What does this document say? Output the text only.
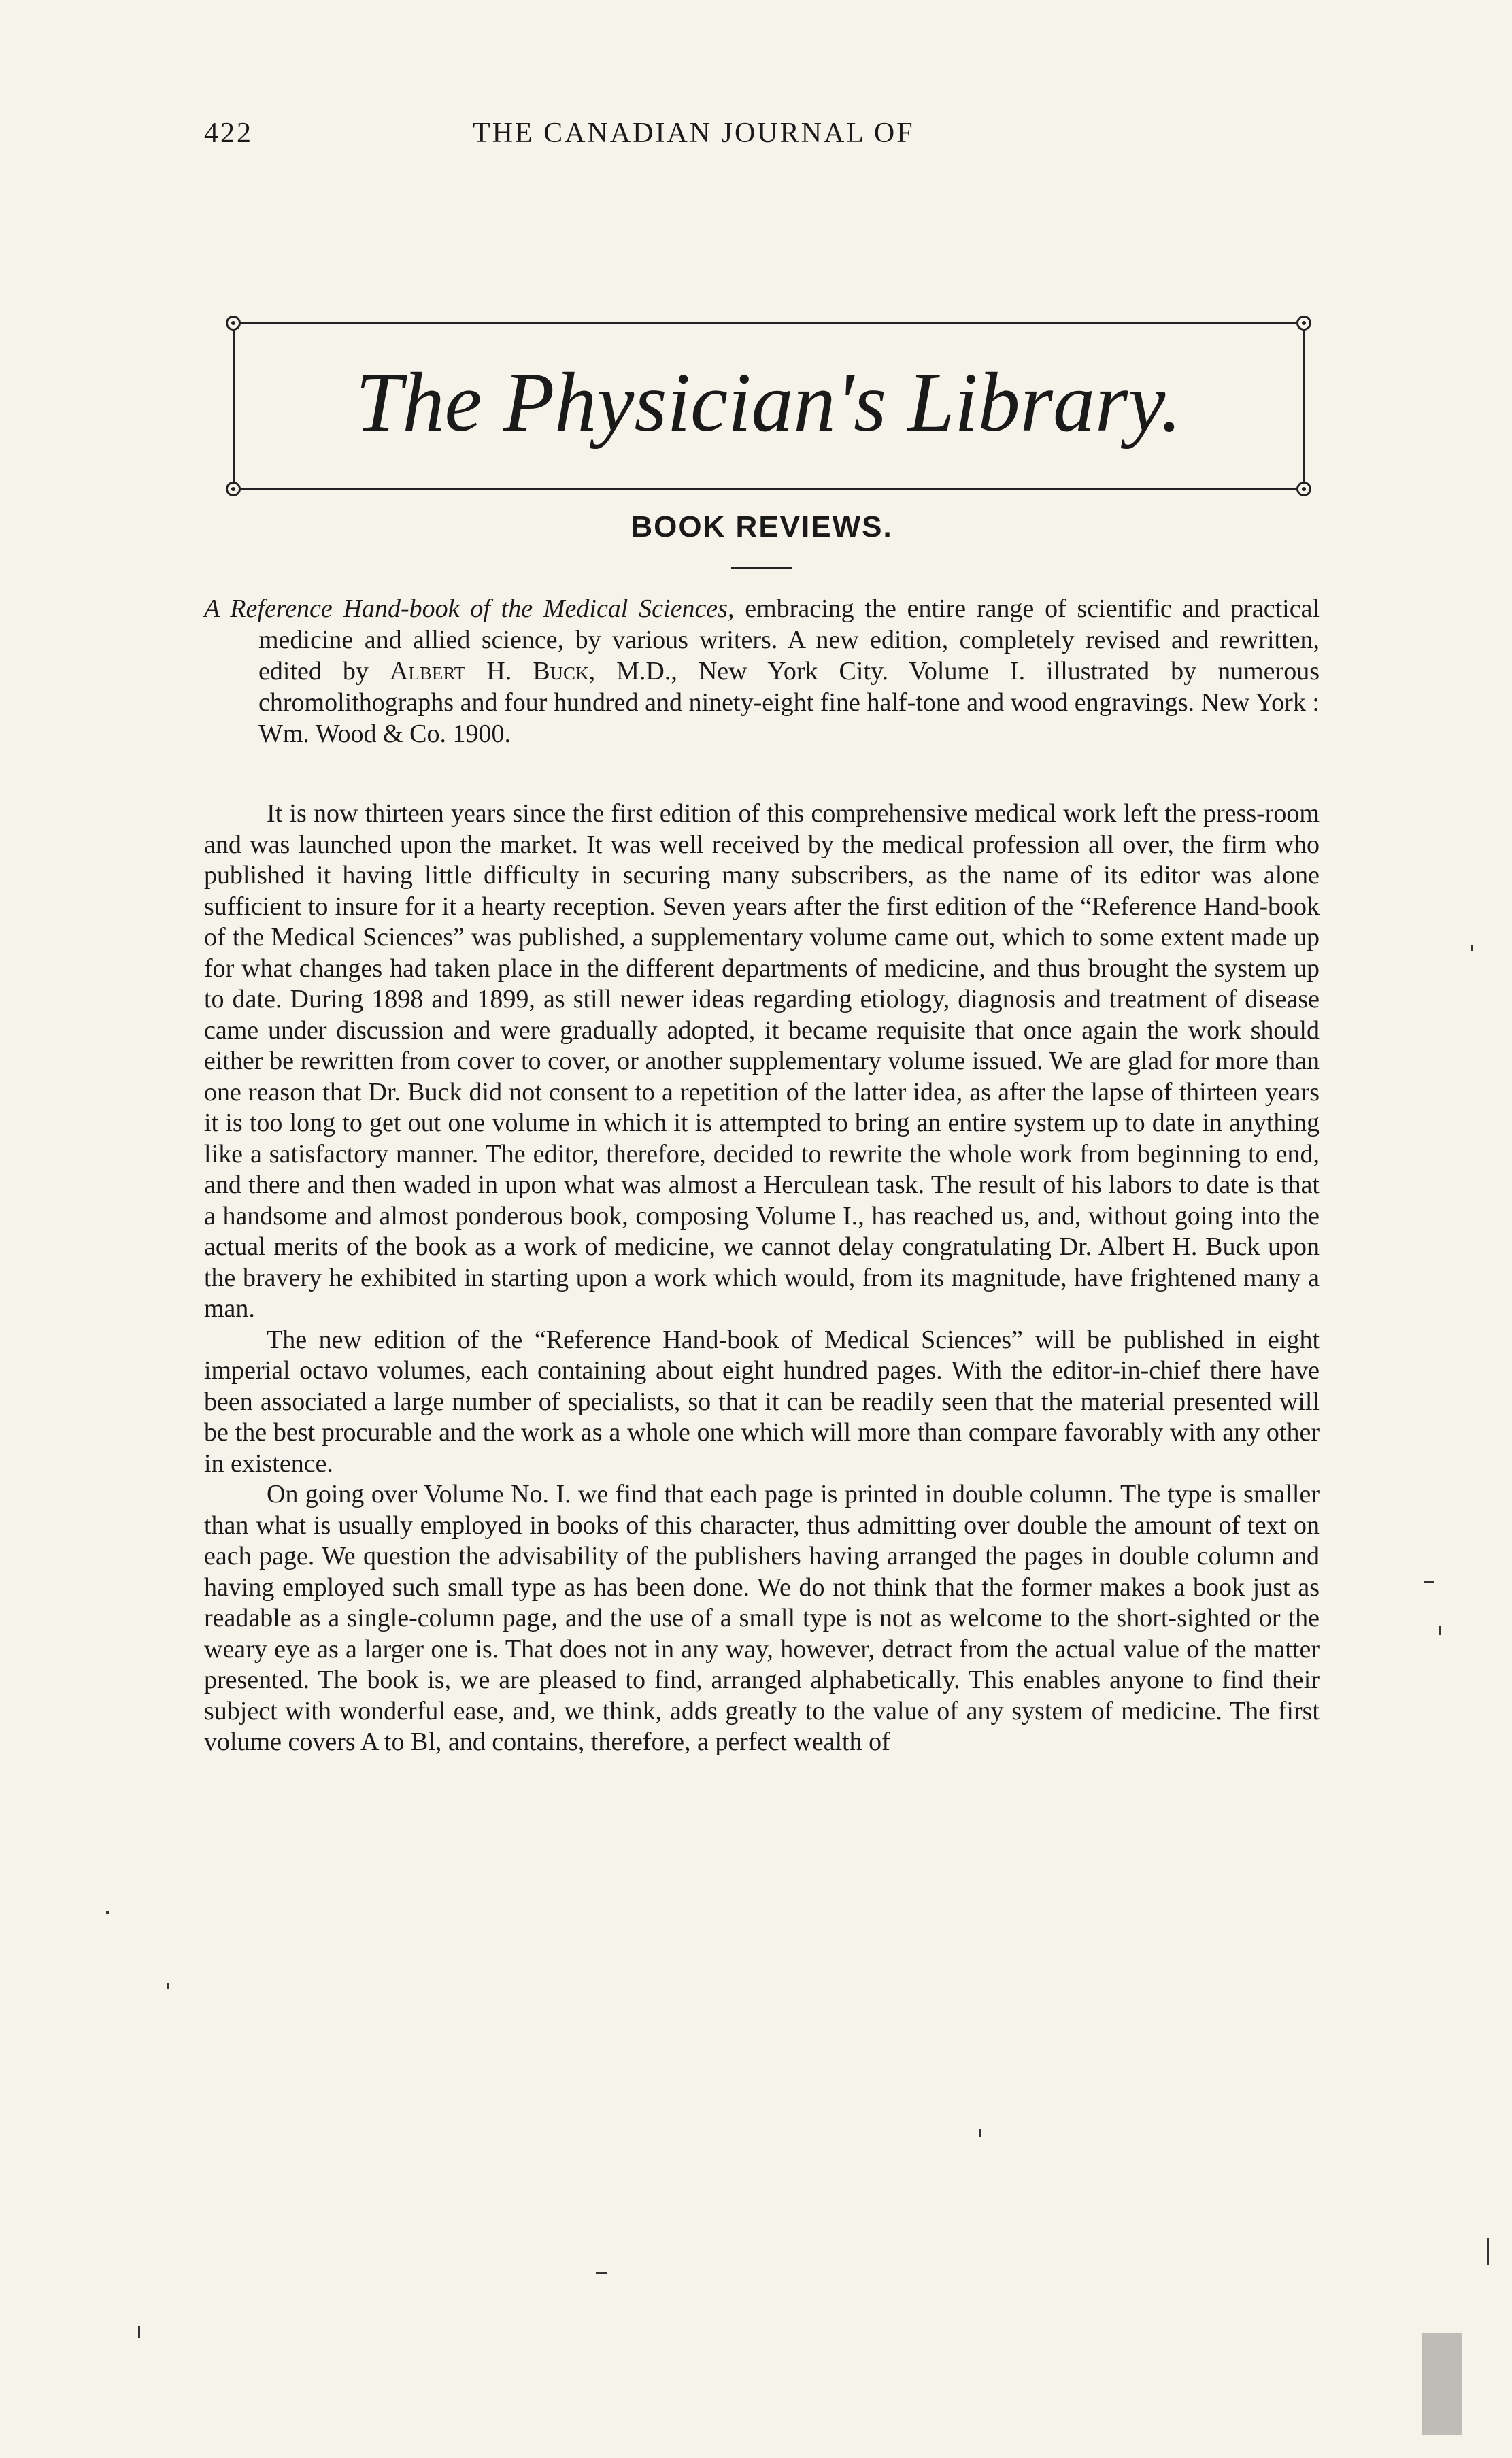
422	THE CANADIAN JOURNAL OF
The Physician's Library.
BOOK REVIEWS.
A Reference Hand-book of the Medical Sciences, embracing the entire range of scientific and practical medicine and allied science, by various writers. A new edition, completely revised and rewritten, edited by Albert H. Buck, M.D., New York City. Volume I. illustrated by numerous chromolithographs and four hundred and ninety-eight fine half-tone and wood engravings. New York : Wm. Wood & Co. 1900.

It is now thirteen years since the first edition of this comprehensive medical work left the press-room and was launched upon the market. It was well received by the medical profession all over, the firm who published it having little difficulty in securing many subscribers, as the name of its editor was alone sufficient to insure for it a hearty reception. Seven years after the first edition of the “Reference Hand-book of the Medical Sciences” was published, a supplementary volume came out, which to some extent made up for what changes had taken place in the different departments of medicine, and thus brought the system up to date. During 1898 and 1899, as still newer ideas regarding etiology, diagnosis and treatment of disease came under discussion and were gradually adopted, it became requisite that once again the work should either be rewritten from cover to cover, or another supplementary volume issued. We are glad for more than one reason that Dr. Buck did not consent to a repetition of the latter idea, as after the lapse of thirteen years it is too long to get out one volume in which it is attempted to bring an entire system up to date in anything like a satisfactory manner. The editor, therefore, decided to rewrite the whole work from beginning to end, and there and then waded in upon what was almost a Herculean task. The result of his labors to date is that a handsome and almost ponderous book, composing Volume I., has reached us, and, without going into the actual merits of the book as a work of medicine, we cannot delay congratulating Dr. Albert H. Buck upon the bravery he exhibited in starting upon a work which would, from its magnitude, have frightened many a man.

The new edition of the “Reference Hand-book of Medical Sciences” will be published in eight imperial octavo volumes, each containing about eight hundred pages. With the editor-in-chief there have been associated a large number of specialists, so that it can be readily seen that the material presented will be the best procurable and the work as a whole one which will more than compare favorably with any other in existence.

On going over Volume No. I. we find that each page is printed in double column. The type is smaller than what is usually employed in books of this character, thus admitting over double the amount of text on each page. We question the advisability of the publishers having arranged the pages in double column and having employed such small type as has been done. We do not think that the former makes a book just as readable as a single-column page, and the use of a small type is not as welcome to the short-sighted or the weary eye as a larger one is. That does not in any way, however, detract from the actual value of the matter presented. The book is, we are pleased to find, arranged alphabetically. This enables anyone to find their subject with wonderful ease, and, we think, adds greatly to the value of any system of medicine. The first volume covers A to Bl, and contains, therefore, a perfect wealth of
